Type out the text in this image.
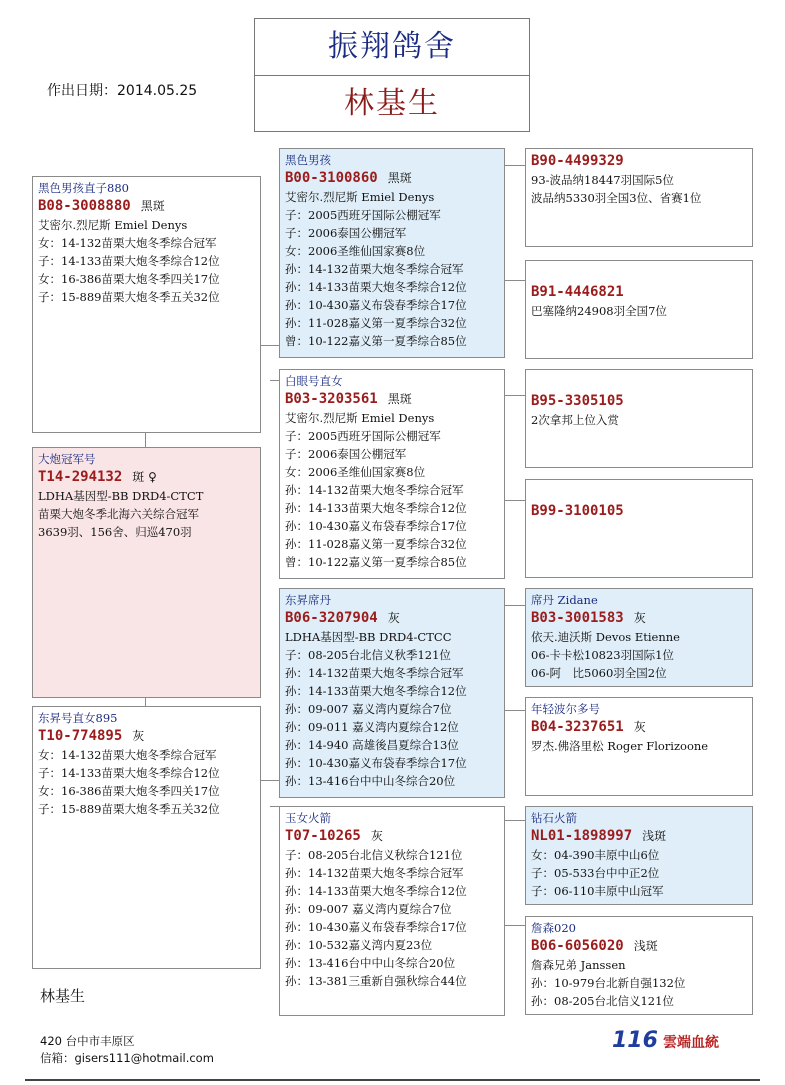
振翔鸽舍
林基生
作出日期：2014.05.25
黑色男孩直子880
B08-3008880 黑斑
艾密尔.烈尼斯 Emiel Denys
女：14-132苗栗大炮冬季综合冠军
子：14-133苗栗大炮冬季综合12位
女：16-386苗栗大炮冬季四关17位
子：15-889苗栗大炮冬季五关32位
大炮冠军号
T14-294132 斑 ♀
LDHA基因型-BB DRD4-CTCT
苗栗大炮冬季北海六关综合冠军
3639羽、156舍、归巡470羽
东昇号直女895
T10-774895 灰
女：14-132苗栗大炮冬季综合冠军
子：14-133苗栗大炮冬季综合12位
女：16-386苗栗大炮冬季四关17位
子：15-889苗栗大炮冬季五关32位
黑色男孩
B00-3100860 黑斑
艾密尔.烈尼斯 Emiel Denys
子：2005西班牙国际公棚冠军
子：2006泰国公棚冠军
女：2006圣维仙国家赛8位
孙：14-132苗栗大炮冬季综合冠军
孙：14-133苗栗大炮冬季综合12位
孙：10-430嘉义布袋春季综合17位
孙：11-028嘉义第一夏季综合32位
曾：10-122嘉义第一夏季综合85位
白眼号直女
B03-3203561 黑斑
艾密尔.烈尼斯 Emiel Denys
子：2005西班牙国际公棚冠军
子：2006泰国公棚冠军
女：2006圣维仙国家赛8位
孙：14-132苗栗大炮冬季综合冠军
孙：14-133苗栗大炮冬季综合12位
孙：10-430嘉义布袋春季综合17位
孙：11-028嘉义第一夏季综合32位
曾：10-122嘉义第一夏季综合85位
东昇席丹
B06-3207904 灰
LDHA基因型-BB DRD4-CTCC
子：08-205台北信义秋季121位
孙：14-132苗栗大炮冬季综合冠军
孙：14-133苗栗大炮冬季综合12位
孙：09-007 嘉义湾内夏综合7位
孙：09-011 嘉义湾内夏综合12位
孙：14-940 高雄後昌夏综合13位
孙：10-430嘉义布袋春季综合17位
孙：13-416台中中山冬综合20位
玉女火箭
T07-10265 灰
子：08-205台北信义秋综合121位
孙：14-132苗栗大炮冬季综合冠军
孙：14-133苗栗大炮冬季综合12位
孙：09-007 嘉义湾内夏综合7位
孙：10-430嘉义布袋春季综合17位
孙：10-532嘉义湾内夏23位
孙：13-416台中中山冬综合20位
孙：13-381三重新自强秋综合44位
B90-4499329
93-波品纳18447羽国际5位
波品纳5330羽全国3位、省赛1位
B91-4446821
巴塞隆纳24908羽全国7位
B95-3305105
2次拿邦上位入赏
B99-3100105
席丹 Zidane
B03-3001583 灰
依天.迪沃斯 Devos Etienne
06-卡卡松10823羽国际1位
06-阿　比5060羽全国2位
年轻波尔多号
B04-3237651 灰
罗杰.佛洛里松 Roger Florizoone
钻石火箭
NL01-1898997 浅斑
女：04-390丰原中山6位
子：05-533台中中正2位
子：06-110丰原中山冠军
詹森020
B06-6056020 浅斑
詹森兄弟 Janssen
孙：10-979台北新自强132位
孙：08-205台北信义121位
林基生
420 台中市丰原区
信箱：gisers111@hotmail.com
116 雲端血統
